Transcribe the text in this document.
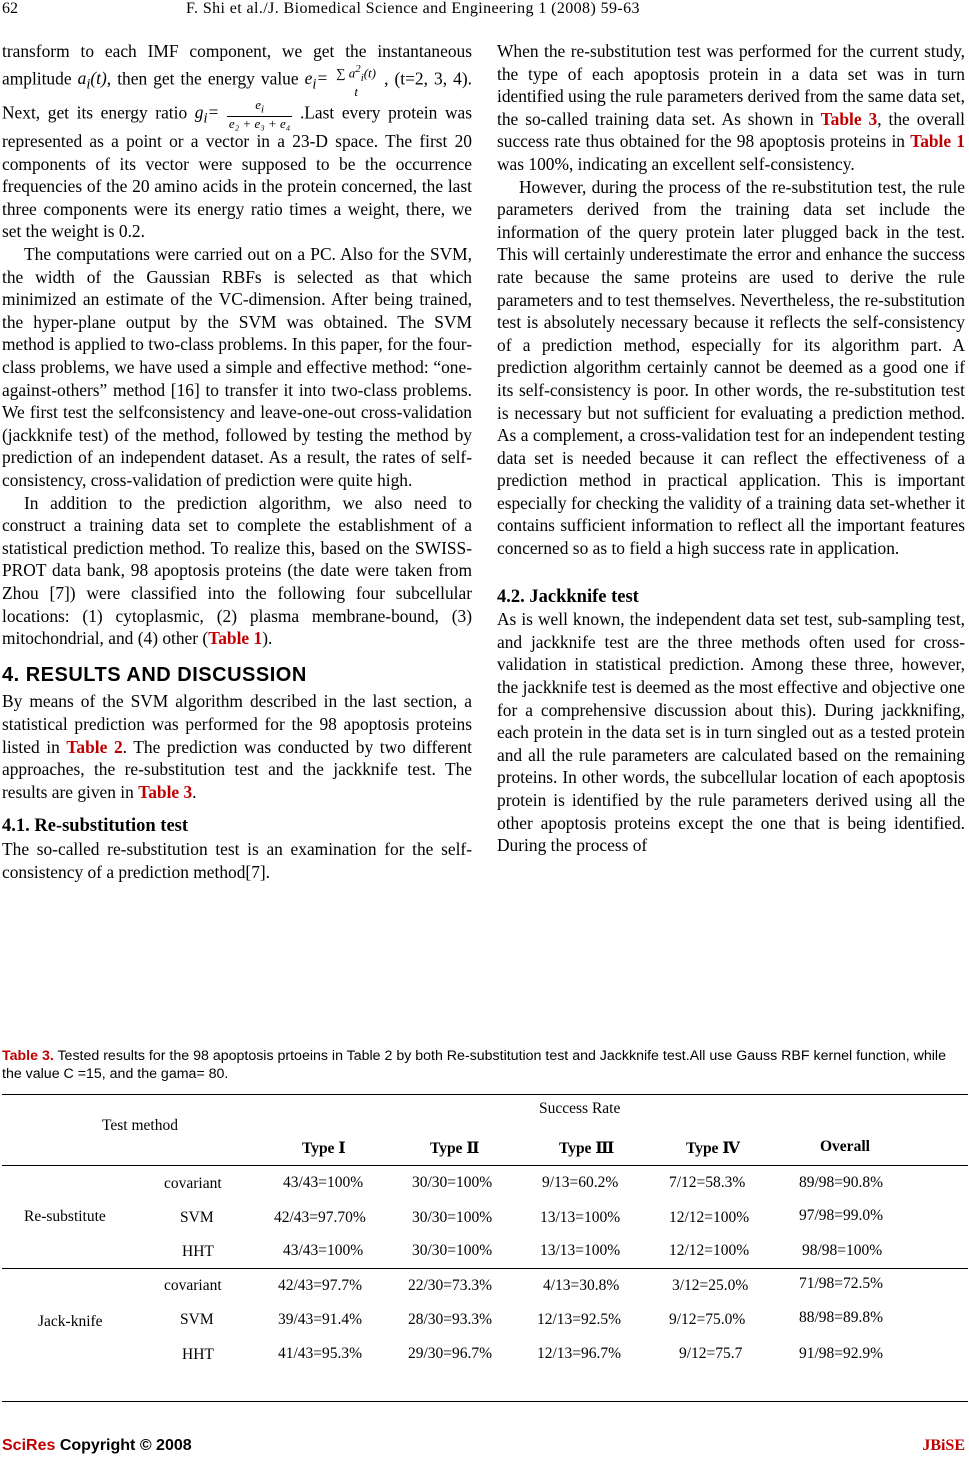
62	F. Shi et al./J. Biomedical Science and Engineering 1 (2008) 59-63

transform to each IMF component, we get the instantaneous amplitude $a_i(t)$, then get the energy value $e_i=$ ∑ $a^2_i(t)$
t
, (t=2, 3, 4). Next, get its energy ratio $g_i= \frac{e_i}{\text{e₂ + e₃ + e₄}}$ .Last every protein was represented as a point or a vector in a 23-D space. The first 20 components of its vector were supposed to be the occurrence frequencies of the 20 amino acids in the protein concerned, the last three components were its energy ratio times a weight, there, we set the weight is 0.2.

The computations were carried out on a PC. Also for the SVM, the width of the Gaussian RBFs is selected as that which minimized an estimate of the VC-dimension. After being trained, the hyper-plane output by the SVM was obtained. The SVM method is applied to two-class problems. In this paper, for the four-class problems, we have used a simple and effective method: “one-against-others” method [16] to transfer it into two-class problems. We first test the selfconsistency and leave-one-out cross-validation (jackknife test) of the method, followed by testing the method by prediction of an independent dataset. As a result, the rates of self-consistency, cross-validation of prediction were quite high.

In addition to the prediction algorithm, we also need to construct a training data set to complete the establishment of a statistical prediction method. To realize this, based on the SWISS-PROT data bank, 98 apoptosis proteins (the date were taken from Zhou [7]) were classified into the following four subcellular locations: (1) cytoplasmic, (2) plasma membrane-bound, (3) mitochondrial, and (4) other (Table 1).

4. RESULTS AND DISCUSSION

By means of the SVM algorithm described in the last section, a statistical prediction was performed for the 98 apoptosis proteins listed in Table 2. The prediction was conducted by two different approaches, the re-substitution test and the jackknife test. The results are given in Table 3.

4.1. Re-substitution test

The so-called re-substitution test is an examination for the self-consistency of a prediction method[7].

When the re-substitution test was performed for the current study, the type of each apoptosis protein in a data set was in turn identified using the rule parameters derived from the same data set, the so-called training data set. As shown in Table 3, the overall success rate thus obtained for the 98 apoptosis proteins in Table 1 was 100%, indicating an excellent self-consistency.

However, during the process of the re-substitution test, the rule parameters derived from the training data set include the information of the query protein later plugged back in the test. This will certainly underestimate the error and enhance the success rate because the same proteins are used to derive the rule parameters and to test themselves. Nevertheless, the re-substitution test is absolutely necessary because it reflects the self-consistency of a prediction method, especially for its algorithm part. A prediction algorithm certainly cannot be deemed as a good one if its self-consistency is poor. In other words, the re-substitution test is necessary but not sufficient for evaluating a prediction method. As a complement, a cross-validation test for an independent testing data set is needed because it can reflect the effectiveness of a prediction method in practical application. This is important especially for checking the validity of a training data set-whether it contains sufficient information to reflect all the important features concerned so as to field a high success rate in application.

4.2. Jackknife test

As is well known, the independent data set test, sub-sampling test, and jackknife test are the three methods often used for cross-validation in statistical prediction. Among these three, however, the jackknife test is deemed as the most effective and objective one for a comprehensive discussion about this). During jackknifing, each protein in the data set is in turn singled out as a tested protein and all the rule parameters are calculated based on the remaining proteins. In other words, the subcellular location of each apoptosis protein is identified by the rule parameters derived using all the other apoptosis proteins except the one that is being identified. During the process of

Table 3. Tested results for the 98 apoptosis prtoeins in Table 2 by both Re-substitution test and Jackknife test.All use Gauss RBF kernel function, while the value C =15, and the gama= 80.
Test method
Success Rate
Type Ⅰ	Type Ⅱ	Type Ⅲ	Type Ⅳ	Overall
Re-substitute
covariant	43/43=100%	30/30=100%	9/13=60.2%	7/12=58.3%	89/98=90.8%
SVM	42/43=97.70%	30/30=100%	13/13=100%	12/12=100%	97/98=99.0%
HHT	43/43=100%	30/30=100%	13/13=100%	12/12=100%	98/98=100%
Jack-knife
covariant	42/43=97.7%	22/30=73.3%	4/13=30.8%	3/12=25.0%	71/98=72.5%
SVM	39/43=91.4%	28/30=93.3%	12/13=92.5%	9/12=75.0%	88/98=89.8%
HHT	41/43=95.3%	29/30=96.7%	12/13=96.7%	9/12=75.7	91/98=92.9%
SciRes Copyright © 2008	JBiSE
